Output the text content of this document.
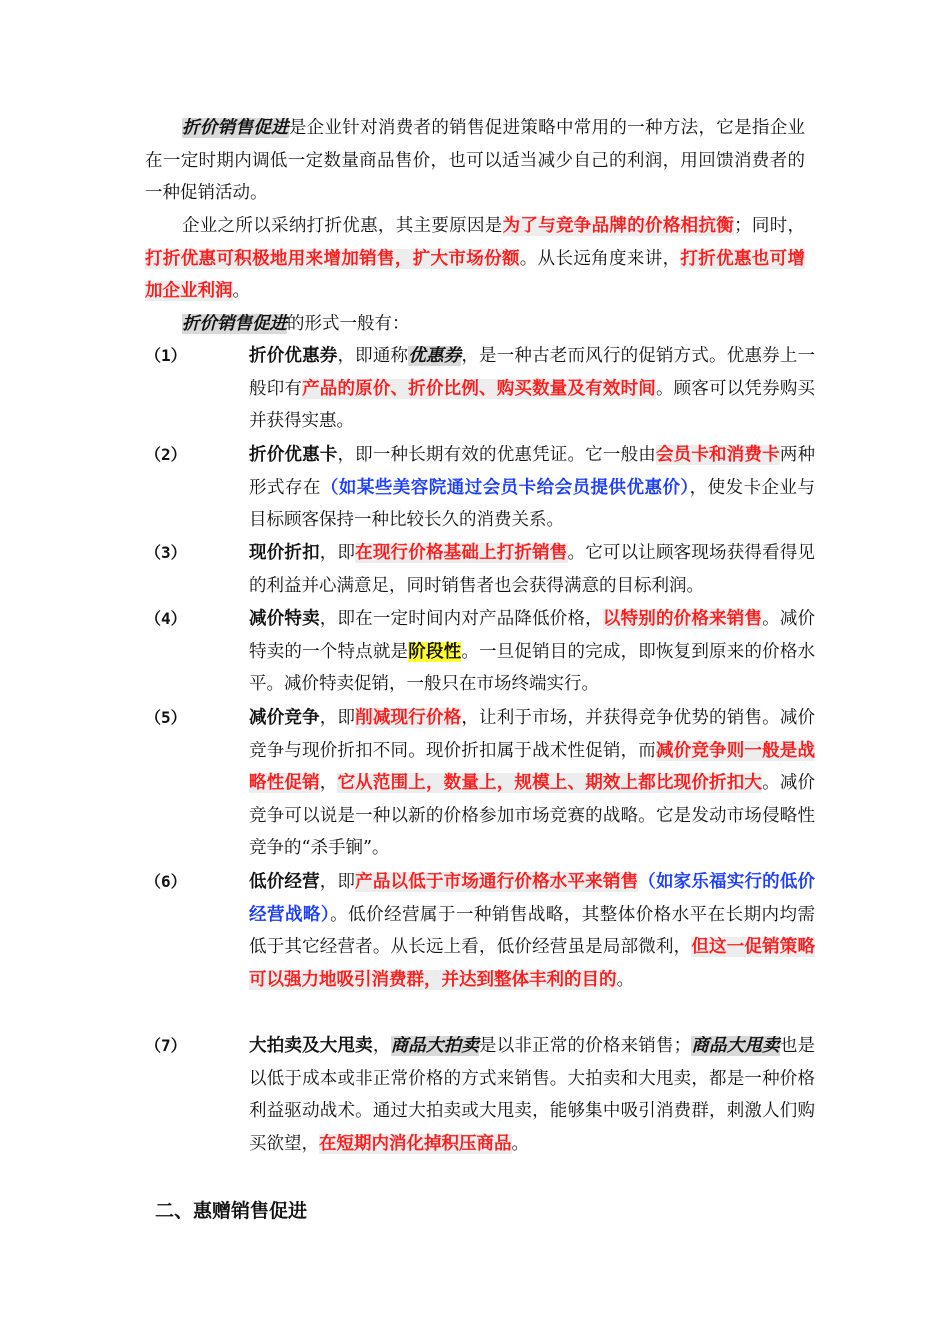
折价销售促进是企业针对消费者的销售促进策略中常用的一种方法，它是指企业在一定时期内调低一定数量商品售价，也可以适当减少自己的利润，用回馈消费者的一种促销活动。

企业之所以采纳打折优惠，其主要原因是为了与竞争品牌的价格相抗衡；同时，打折优惠可积极地用来增加销售，扩大市场份额。从长远角度来讲，打折优惠也可增加企业利润。

折价销售促进的形式一般有：

（1）	折价优惠券，即通称优惠券，是一种古老而风行的促销方式。优惠券上一般印有产品的原价、折价比例、购买数量及有效时间。顾客可以凭券购买并获得实惠。
（2）	折价优惠卡，即一种长期有效的优惠凭证。它一般由会员卡和消费卡两种形式存在（如某些美容院通过会员卡给会员提供优惠价），使发卡企业与目标顾客保持一种比较长久的消费关系。
（3）	现价折扣，即在现行价格基础上打折销售。它可以让顾客现场获得看得见的利益并心满意足，同时销售者也会获得满意的目标利润。
（4）	减价特卖，即在一定时间内对产品降低价格，以特别的价格来销售。减价特卖的一个特点就是阶段性。一旦促销目的完成，即恢复到原来的价格水平。减价特卖促销，一般只在市场终端实行。
（5）	减价竞争，即削减现行价格，让利于市场，并获得竞争优势的销售。减价竞争与现价折扣不同。现价折扣属于战术性促销，而减价竞争则一般是战略性促销，它从范围上，数量上，规模上、期效上都比现价折扣大。减价竞争可以说是一种以新的价格参加市场竞赛的战略。它是发动市场侵略性竞争的“杀手锏”。
（6）	低价经营，即产品以低于市场通行价格水平来销售（如家乐福实行的低价经营战略）。低价经营属于一种销售战略，其整体价格水平在长期内均需低于其它经营者。从长远上看，低价经营虽是局部微利，但这一促销策略可以强力地吸引消费群，并达到整体丰利的目的。
（7）	大拍卖及大甩卖，商品大拍卖是以非正常的价格来销售；商品大甩卖也是以低于成本或非正常价格的方式来销售。大拍卖和大甩卖，都是一种价格利益驱动战术。通过大拍卖或大甩卖，能够集中吸引消费群，刺激人们购买欲望，在短期内消化掉积压商品。
二、惠赠销售促进
